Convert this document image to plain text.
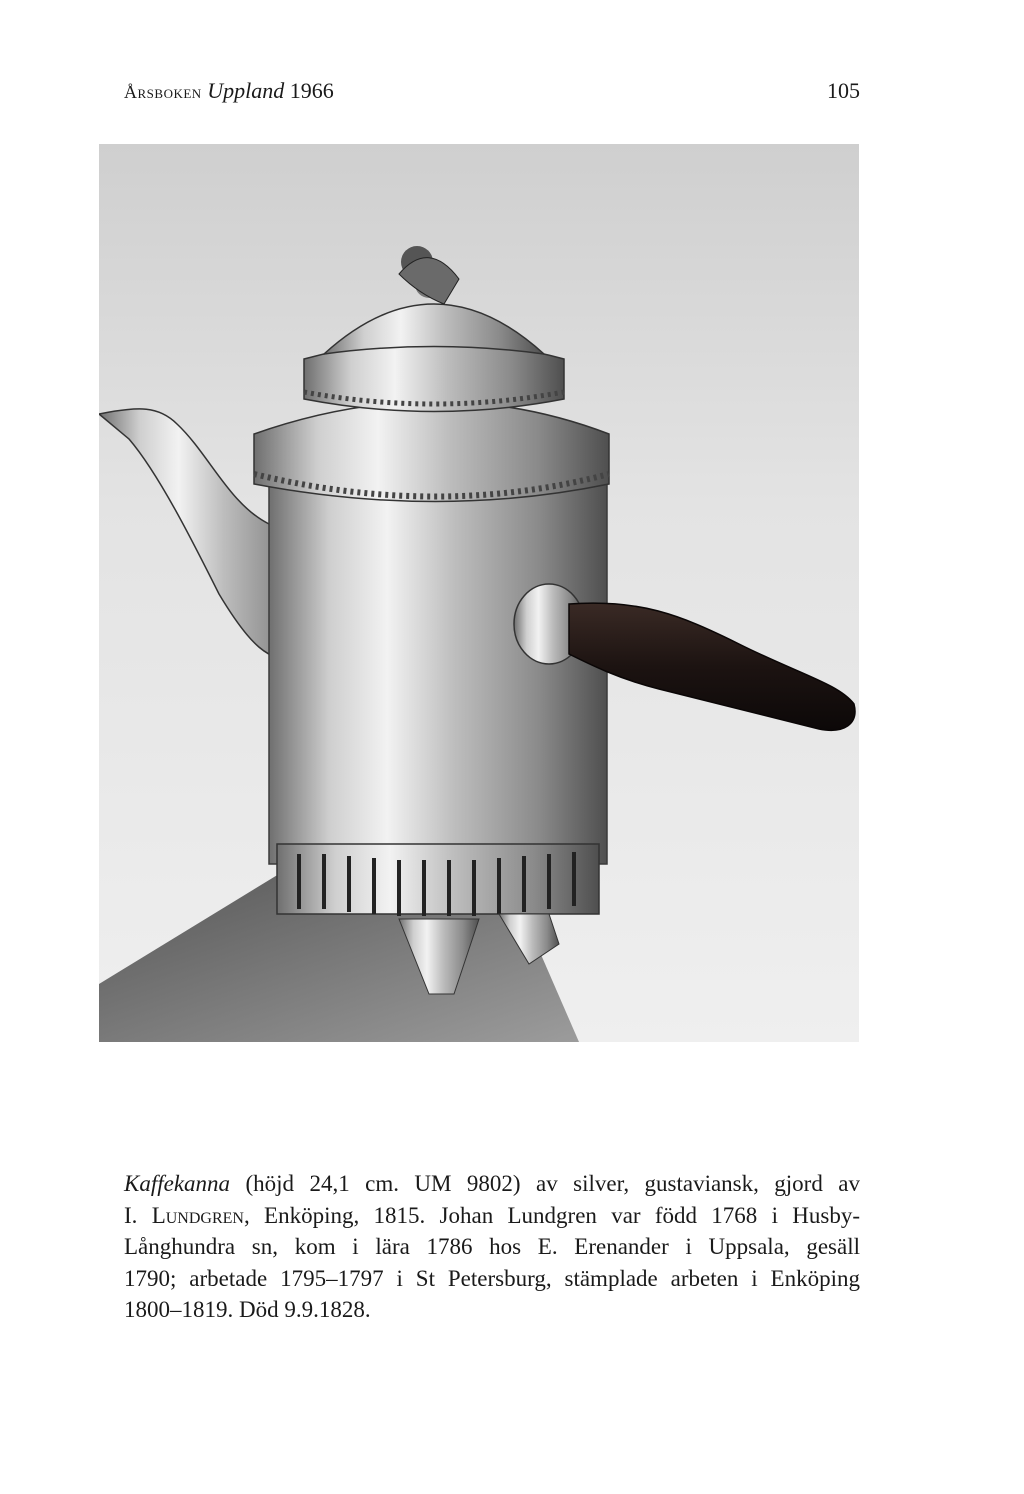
Årsboken Uppland 1966	105
Kaffekanna (höjd 24,1 cm. UM 9802) av silver, gustaviansk, gjord av
I. Lundgren, Enköping, 1815. Johan Lundgren var född 1768 i Husby-
Långhundra sn, kom i lära 1786 hos E. Erenander i Uppsala, gesäll
1790; arbetade 1795–1797 i St Petersburg, stämplade arbeten i Enköping
1800–1819. Död 9.9.1828.
